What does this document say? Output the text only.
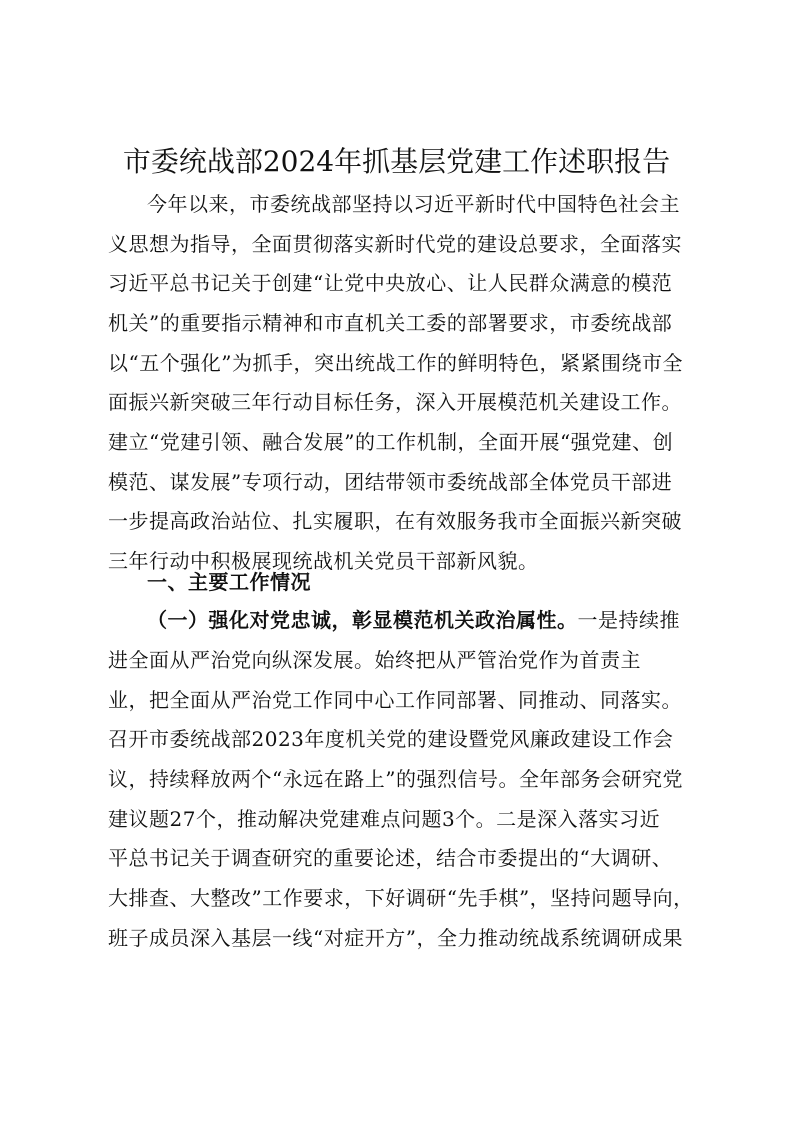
市委统战部2024年抓基层党建工作述职报告
今年以来，市委统战部坚持以习近平新时代中国特色社会主
义思想为指导，全面贯彻落实新时代党的建设总要求，全面落实
习近平总书记关于创建“让党中央放心、让人民群众满意的模范
机关”的重要指示精神和市直机关工委的部署要求，市委统战部
以“五个强化”为抓手，突出统战工作的鲜明特色，紧紧围绕市全
面振兴新突破三年行动目标任务，深入开展模范机关建设工作。
建立“党建引领、融合发展”的工作机制，全面开展“强党建、创
模范、谋发展”专项行动，团结带领市委统战部全体党员干部进
一步提高政治站位、扎实履职，在有效服务我市全面振兴新突破
三年行动中积极展现统战机关党员干部新风貌。
一、主要工作情况
（一）强化对党忠诚，彰显模范机关政治属性。一是持续推
进全面从严治党向纵深发展。始终把从严管治党作为首责主
业，把全面从严治党工作同中心工作同部署、同推动、同落实。
召开市委统战部2023年度机关党的建设暨党风廉政建设工作会
议，持续释放两个“永远在路上”的强烈信号。全年部务会研究党
建议题27个，推动解决党建难点问题3个。二是深入落实习近
平总书记关于调查研究的重要论述，结合市委提出的“大调研、
大排查、大整改”工作要求，下好调研“先手棋”，坚持问题导向，
班子成员深入基层一线“对症开方”，全力推动统战系统调研成果
